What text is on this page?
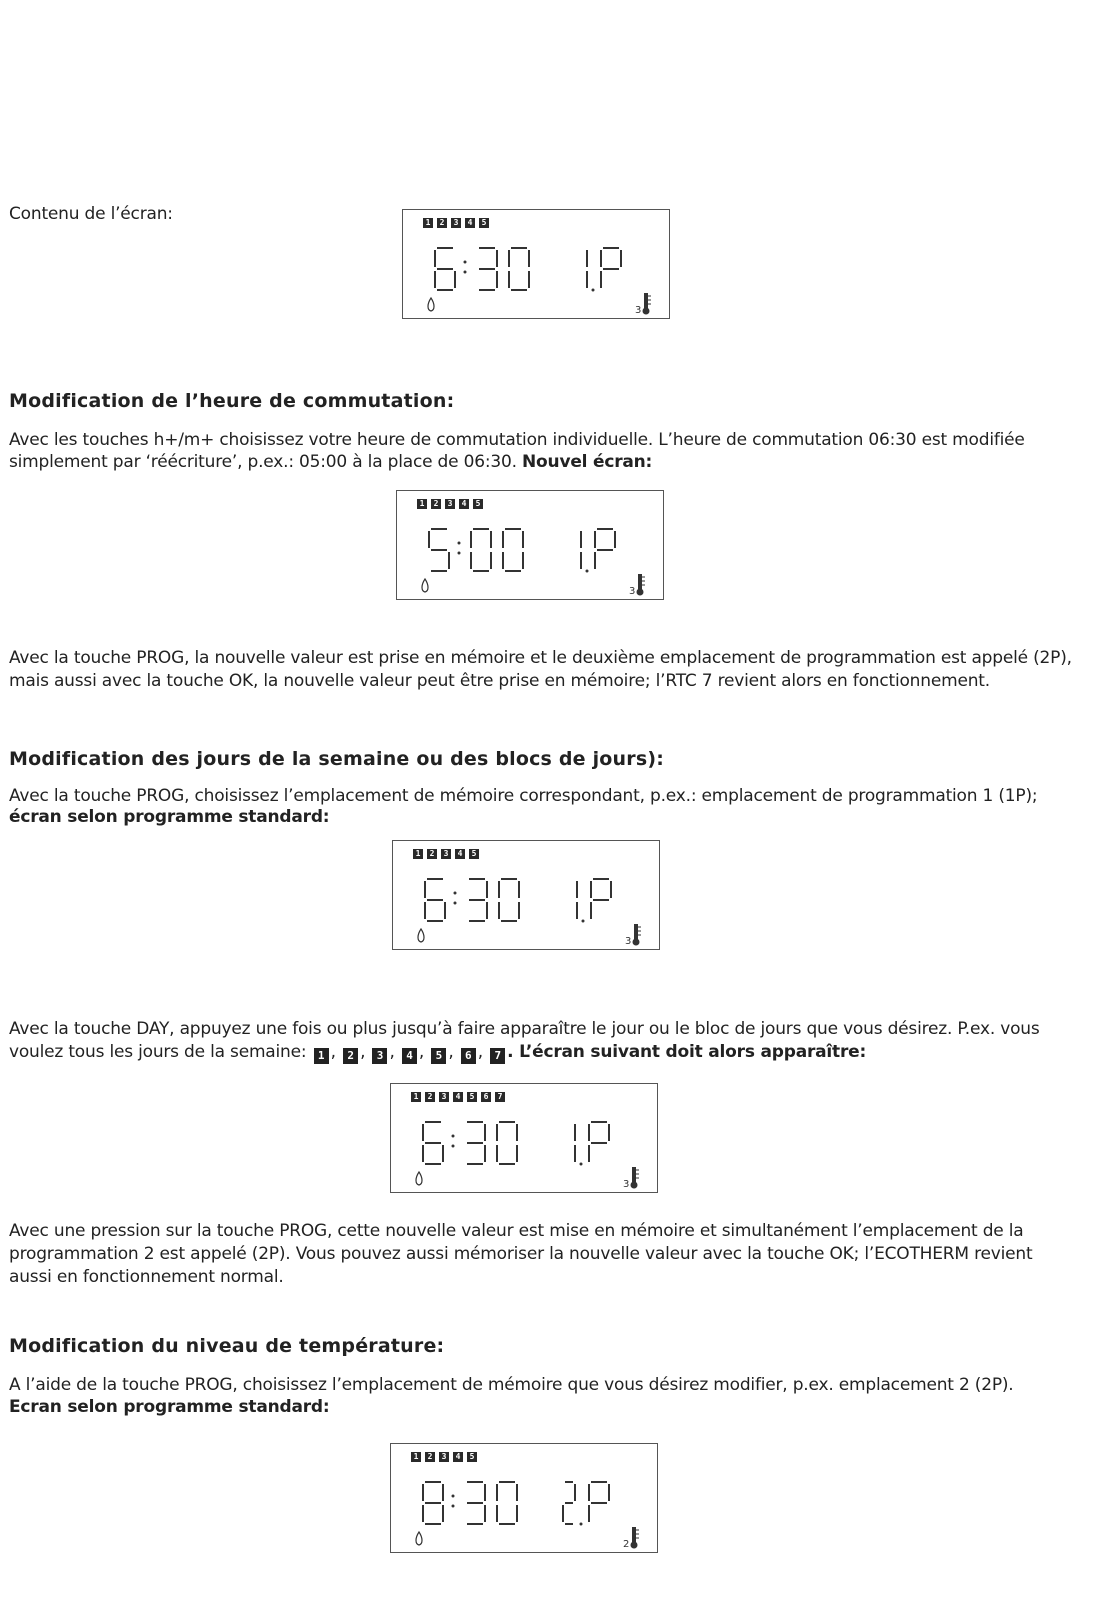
Contenu de l’écran:	1	2	3	4	5
3
Modification de l’heure de commutation:
Avec les touches h+/m+ choisissez votre heure de commutation individuelle. L’heure de commutation 06:30 est modifiée
simplement par ‘réécriture’, p.ex.: 05:00 à la place de 06:30. Nouvel écran:
1	2	3	4	5
3
Avec la touche PROG, la nouvelle valeur est prise en mémoire et le deuxième emplacement de programmation est appelé (2P),
mais aussi avec la touche OK, la nouvelle valeur peut être prise en mémoire; l’RTC 7 revient alors en fonctionnement.
Modification des jours de la semaine ou des blocs de jours):
Avec la touche PROG, choisissez l’emplacement de mémoire correspondant, p.ex.: emplacement de programmation 1 (1P);
écran selon programme standard:
1	2	3	4	5
3
Avec la touche DAY, appuyez une fois ou plus jusqu’à faire apparaître le jour ou le bloc de jours que vous désirez. P.ex. vous
voulez tous les jours de la semaine: 1 , 2 , 3 , 4 , 5 , 6 , 7 . L’écran suivant doit alors apparaître:
1	2	3	4	5	6	7
3
Avec une pression sur la touche PROG, cette nouvelle valeur est mise en mémoire et simultanément l’emplacement de la
programmation 2 est appelé (2P). Vous pouvez aussi mémoriser la nouvelle valeur avec la touche OK; l’ECOTHERM revient
aussi en fonctionnement normal.
Modification du niveau de température:
A l’aide de la touche PROG, choisissez l’emplacement de mémoire que vous désirez modifier, p.ex. emplacement 2 (2P).
Ecran selon programme standard:
1	2	3	4	5
2
